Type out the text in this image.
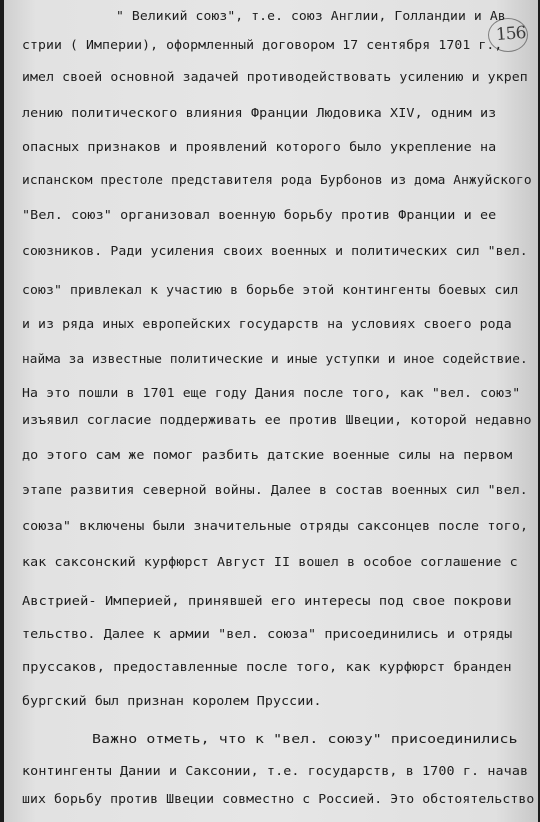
156
" Великий союз", т.е. союз Англии, Голландии и Ав
стрии ( Империи), оформленный договором 17 сентября 1701 г.,
имел своей основной задачей противодействовать усилению и укреп
лению политического влияния Франции Людовика XIV, одним из
опасных признаков и проявлений которого было укрепление на
испанском престоле представителя рода Бурбонов из дома Анжуйского
"Вел. союз" организовал военную борьбу против Франции и ее
союзников. Ради усиления своих военных и политических сил "вел.
союз" привлекал к участию в борьбе этой контингенты боевых сил
и из ряда иных европейских государств на условиях своего рода
найма за известные политические и иные уступки и иное содействие.
На это пошли в 1701 еще году Дания после того, как "вел. союз"
изъявил согласие поддерживать ее против Швеции, которой недавно
до этого сам же помог разбить датские военные силы на первом
этапе развития северной войны. Далее в состав военных сил "вел.
союза" включены были значительные отряды саксонцев после того,
как саксонский курфюрст Август II вошел в особое соглашение с
Австрией- Империей, принявшей его интересы под свое покрови
тельство. Далее к армии "вел. союза" присоединились и отряды
пруссаков, предоставленные после того, как курфюрст бранден
бургский был признан королем Пруссии.
Важно отметь, что к "вел. союзу" присоединились
контингенты Дании и Саксонии, т.е. государств, в 1700 г. начав
ших борьбу против Швеции совместно с Россией. Это обстоятельство
